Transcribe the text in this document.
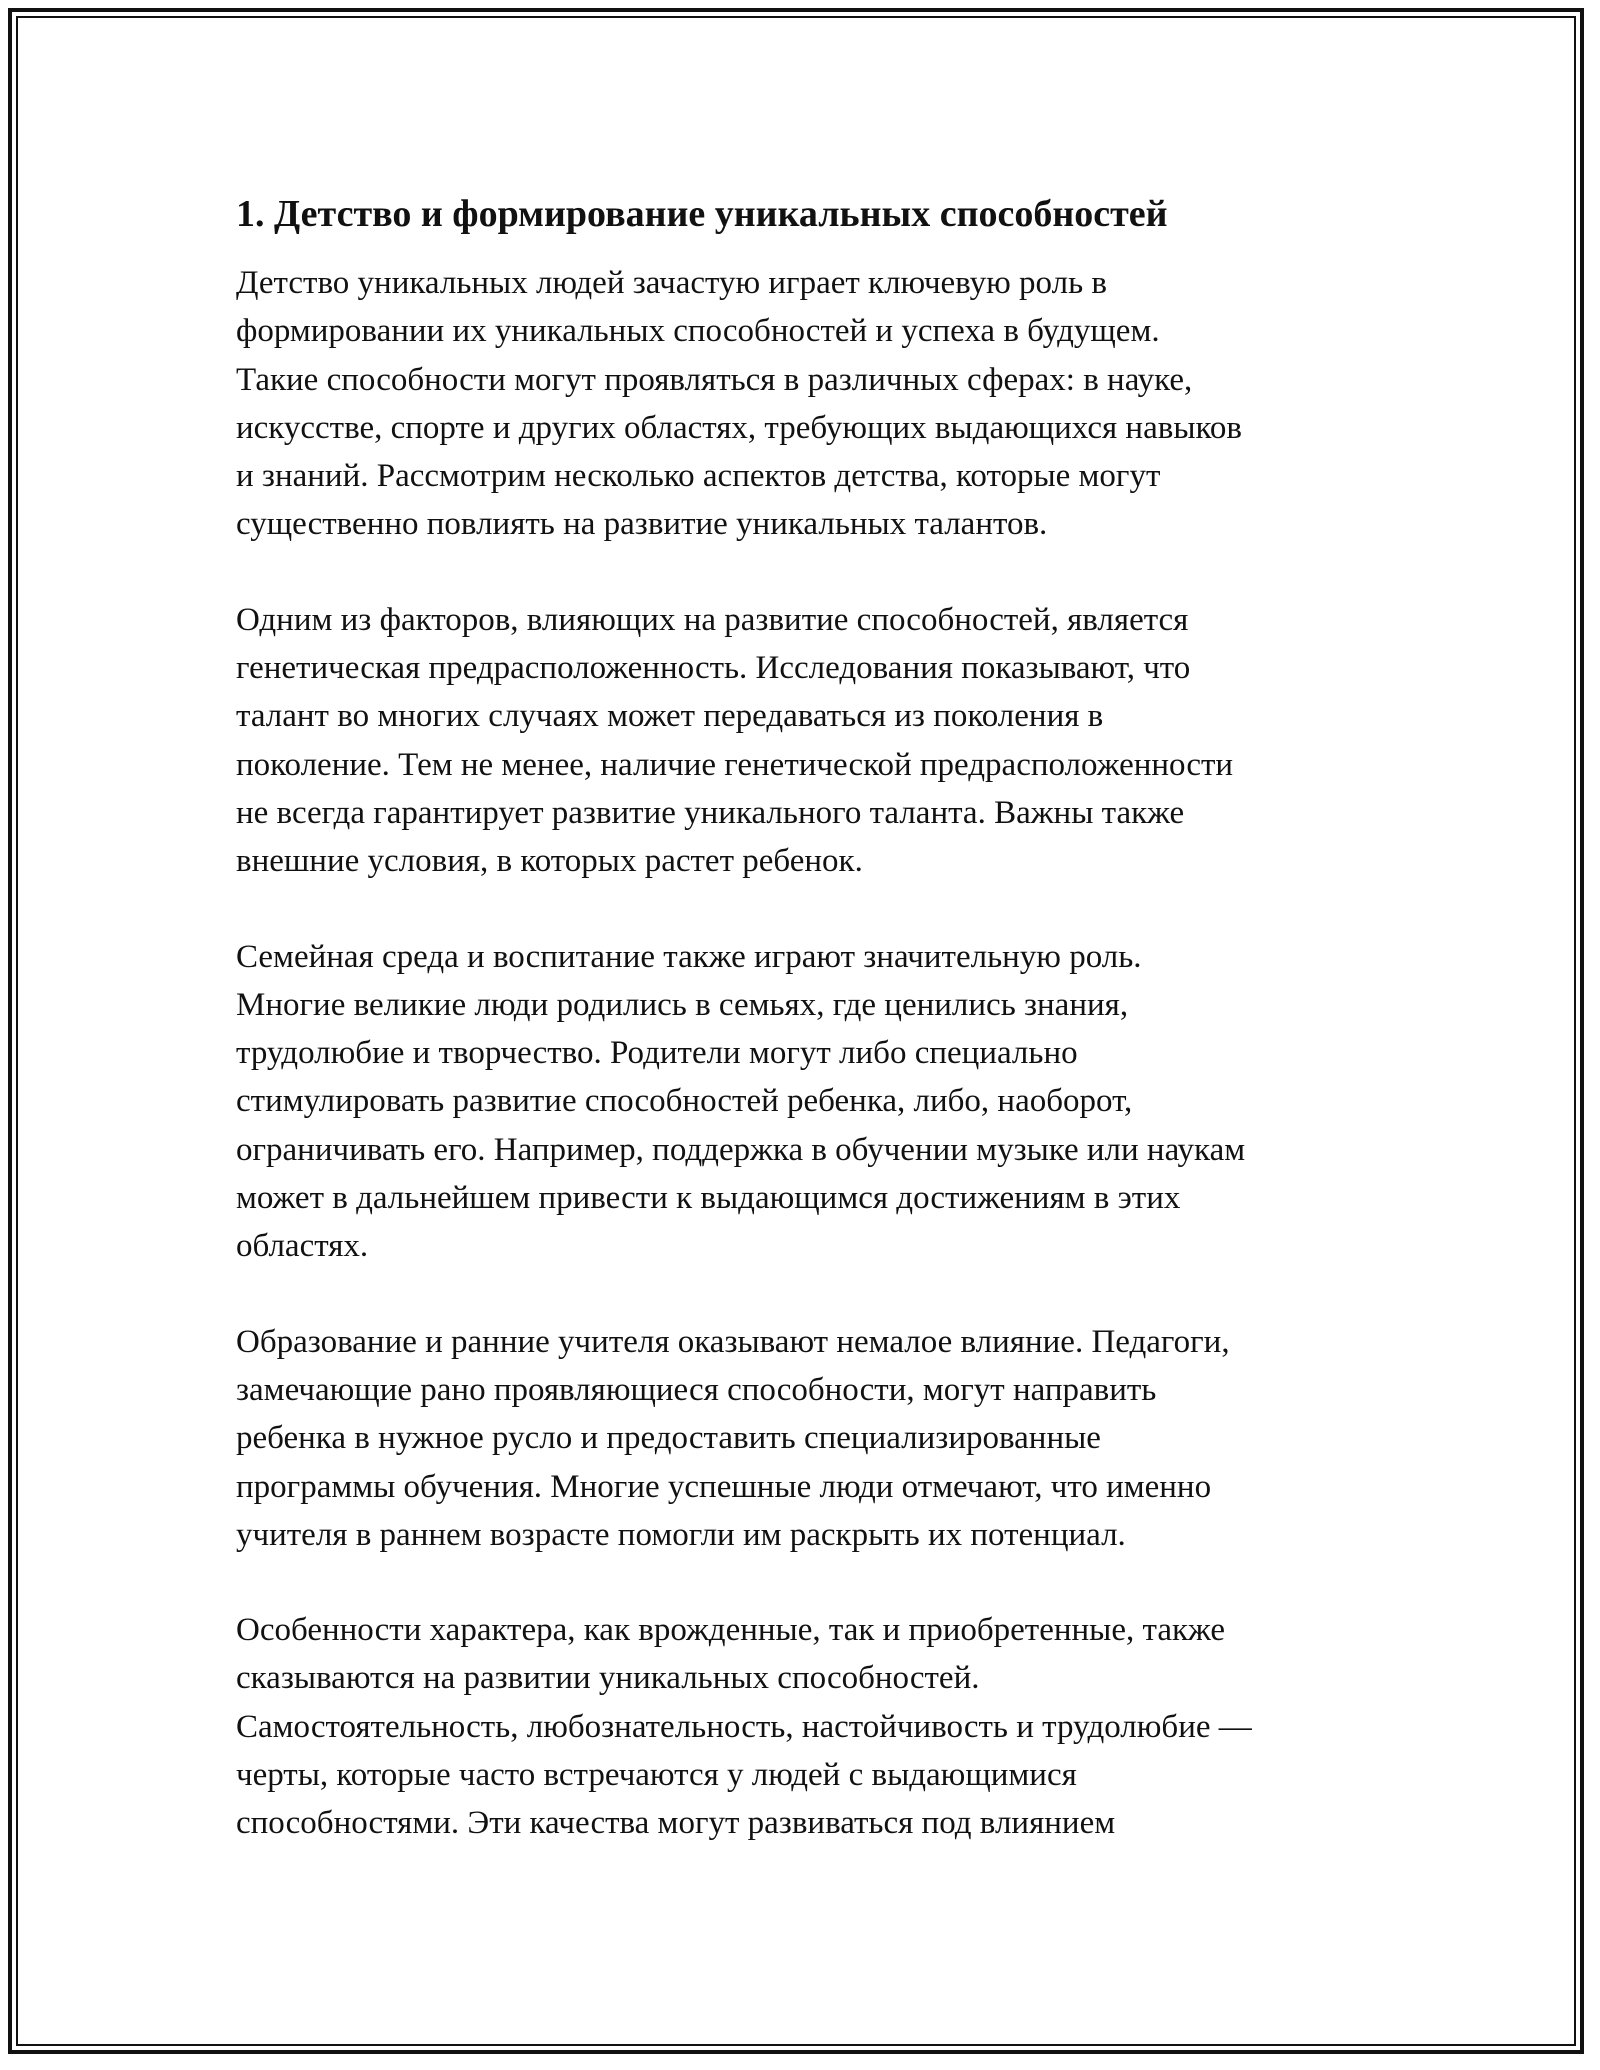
1. Детство и формирование уникальных способностей

Детство уникальных людей зачастую играет ключевую роль в
формировании их уникальных способностей и успеха в будущем.
Такие способности могут проявляться в различных сферах: в науке,
искусстве, спорте и других областях, требующих выдающихся навыков
и знаний. Рассмотрим несколько аспектов детства, которые могут
существенно повлиять на развитие уникальных талантов.

Одним из факторов, влияющих на развитие способностей, является
генетическая предрасположенность. Исследования показывают, что
талант во многих случаях может передаваться из поколения в
поколение. Тем не менее, наличие генетической предрасположенности
не всегда гарантирует развитие уникального таланта. Важны также
внешние условия, в которых растет ребенок.

Семейная среда и воспитание также играют значительную роль.
Многие великие люди родились в семьях, где ценились знания,
трудолюбие и творчество. Родители могут либо специально
стимулировать развитие способностей ребенка, либо, наоборот,
ограничивать его. Например, поддержка в обучении музыке или наукам
может в дальнейшем привести к выдающимся достижениям в этих
областях.

Образование и ранние учителя оказывают немалое влияние. Педагоги,
замечающие рано проявляющиеся способности, могут направить
ребенка в нужное русло и предоставить специализированные
программы обучения. Многие успешные люди отмечают, что именно
учителя в раннем возрасте помогли им раскрыть их потенциал.

Особенности характера, как врожденные, так и приобретенные, также
сказываются на развитии уникальных способностей.
Самостоятельность, любознательность, настойчивость и трудолюбие —
черты, которые часто встречаются у людей с выдающимися
способностями. Эти качества могут развиваться под влиянием
